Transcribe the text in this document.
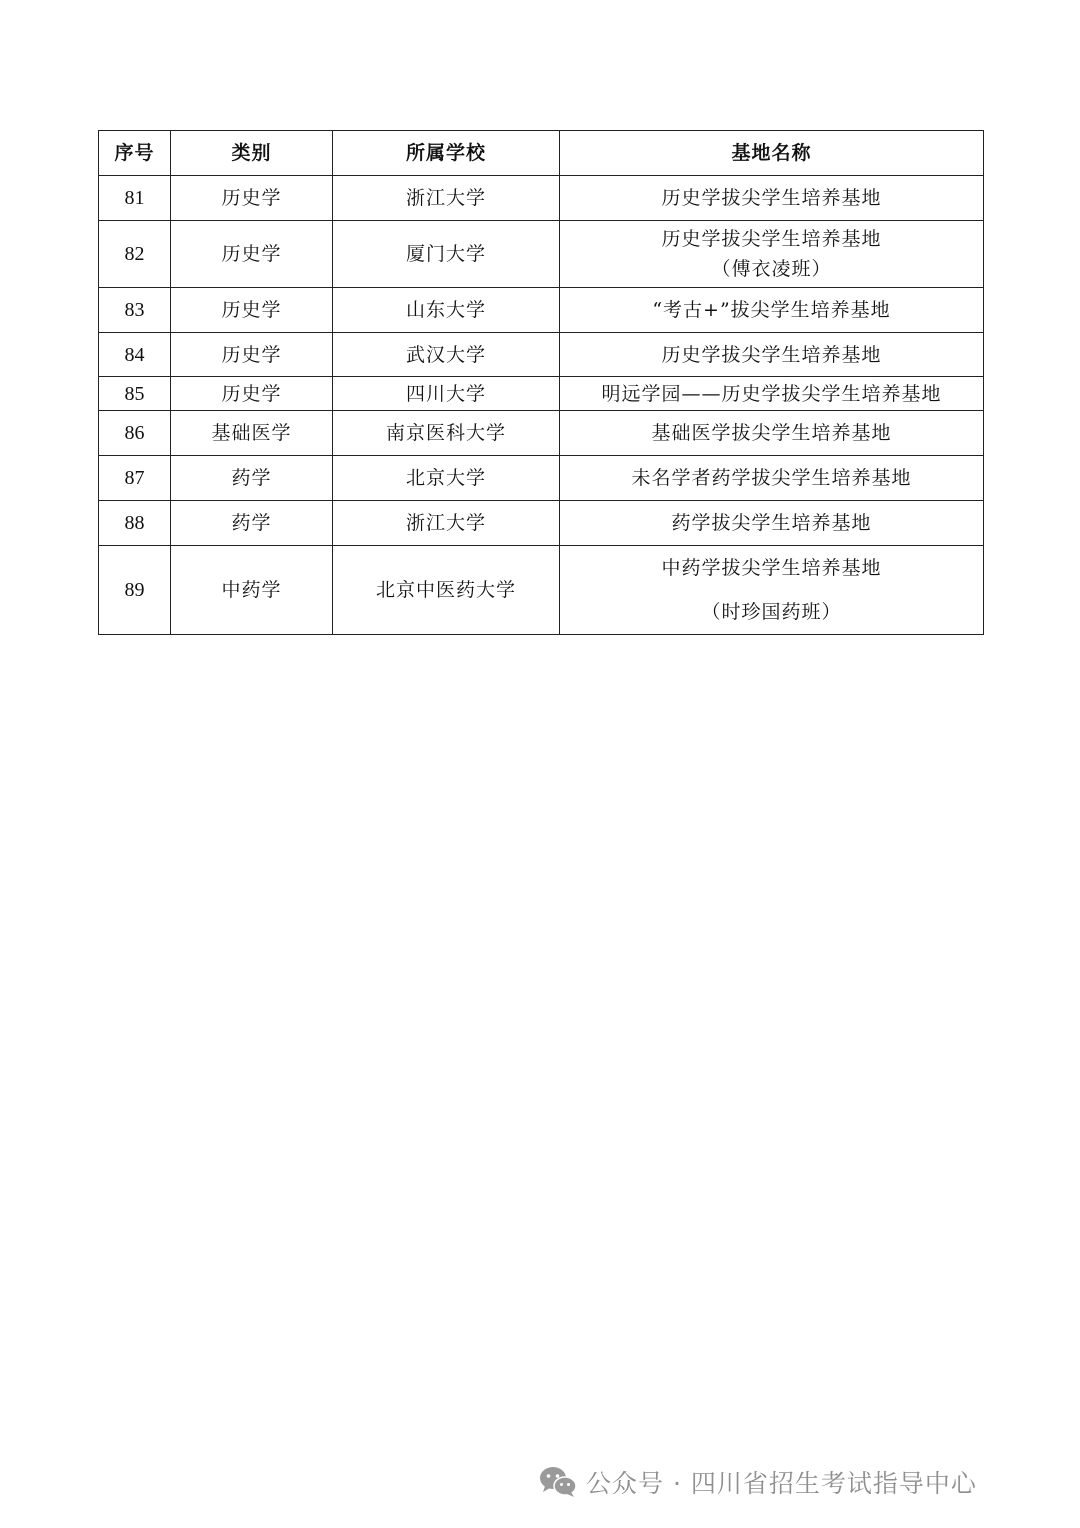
序号	类别	所属学校	基地名称
81	历史学	浙江大学	历史学拔尖学生培养基地
82	历史学	厦门大学	历史学拔尖学生培养基地
（傅衣凌班）

83	历史学	山东大学	“考古+”拔尖学生培养基地
84	历史学	武汉大学	历史学拔尖学生培养基地
85	历史学	四川大学	明远学园——历史学拔尖学生培养基地
86	基础医学	南京医科大学	基础医学拔尖学生培养基地
87	药学	北京大学	未名学者药学拔尖学生培养基地
88	药学	浙江大学	药学拔尖学生培养基地
89	中药学	北京中医药大学	中药学拔尖学生培养基地
（时珍国药班）
公众号 · 四川省招生考试指导中心
